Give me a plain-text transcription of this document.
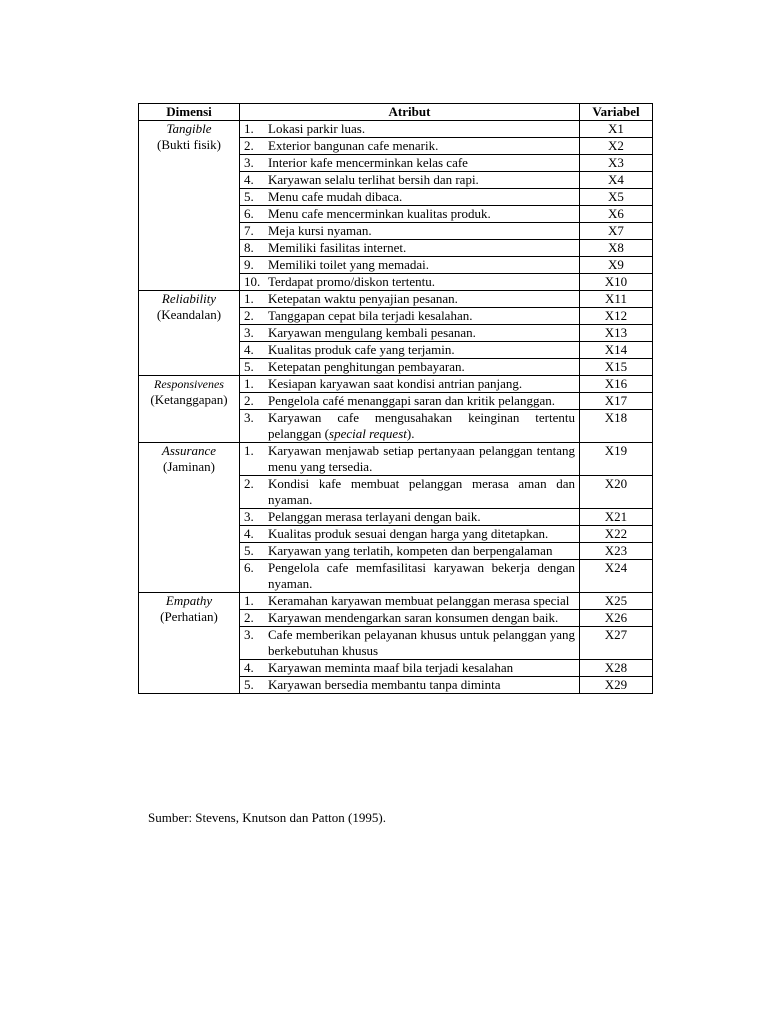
Dimensi	Atribut	Variabel

Tangible
(Bukti fisik)	1. Lokasi parkir luas.	X1

	2. Exterior bangunan cafe menarik.	X2

	3. Interior kafe mencerminkan kelas cafe	X3

	4. Karyawan selalu terlihat bersih dan rapi.	X4

	5. Menu cafe mudah dibaca.	X5

	6. Menu cafe mencerminkan kualitas produk.	X6

	7. Meja kursi nyaman.	X7

	8. Memiliki fasilitas internet.	X8

	9. Memiliki toilet yang memadai.	X9

	10. Terdapat promo/diskon tertentu.	X10

Reliability
(Keandalan)	1. Ketepatan waktu penyajian pesanan.	X11

	2. Tanggapan cepat bila terjadi kesalahan.	X12

	3. Karyawan mengulang kembali pesanan.	X13

	4. Kualitas produk cafe yang terjamin.	X14

	5. Ketepatan penghitungan pembayaran.	X15

Responsivenes
(Ketanggapan)	1. Kesiapan karyawan saat kondisi antrian panjang.	X16

	2. Pengelola café menanggapi saran dan kritik pelanggan.	X17

	3. Karyawan cafe mengusahakan keinginan tertentu pelanggan (special request).	X18

Assurance
(Jaminan)	1. Karyawan menjawab setiap pertanyaan pelanggan tentang menu yang tersedia.	X19

	2. Kondisi kafe membuat pelanggan merasa aman dan nyaman.	X20

	3. Pelanggan merasa terlayani dengan baik.	X21

	4. Kualitas produk sesuai dengan harga yang ditetapkan.	X22

	5. Karyawan yang terlatih, kompeten dan berpengalaman	X23

	6. Pengelola cafe memfasilitasi karyawan bekerja dengan nyaman.	X24

Empathy
(Perhatian)	1. Keramahan karyawan membuat pelanggan merasa special	X25

	2. Karyawan mendengarkan saran konsumen dengan baik.	X26

	3. Cafe memberikan pelayanan khusus untuk pelanggan yang berkebutuhan khusus	X27

	4. Karyawan meminta maaf bila terjadi kesalahan	X28

	5. Karyawan bersedia membantu tanpa diminta	X29
Sumber: Stevens, Knutson dan Patton (1995).
